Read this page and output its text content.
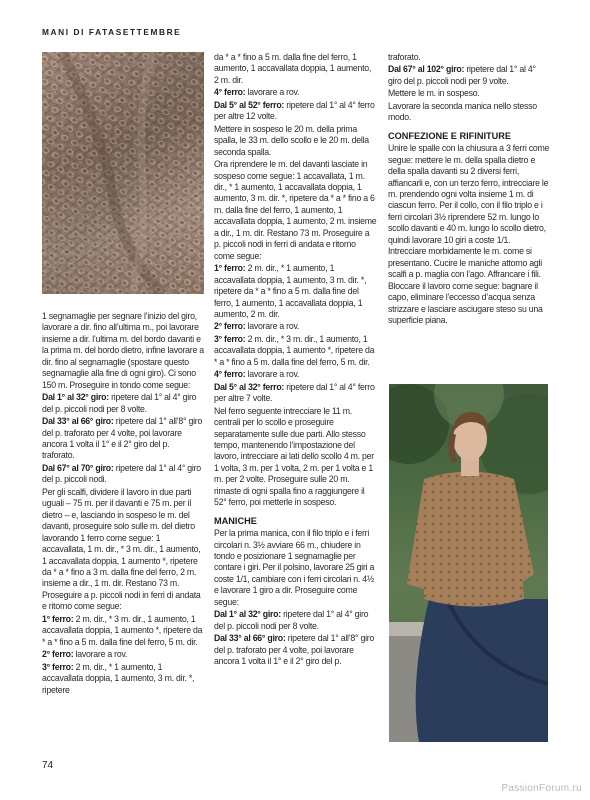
MANI DI FATASETTEMBRE

1 segnamaglie per segnare l’inizio del giro, lavorare a dir. fino all’ultima m., poi lavorare insieme a dir. l’ultima m. del bordo davanti e la prima m. del bordo dietro, infine lavorare a dir. fino al segnamaglie (spostare questo segnamaglie alla fine di ogni giro). Ci sono 150 m. Proseguire in tondo come segue:

Dal 1° al 32° giro: ripetere dal 1° al 4° giro del p. piccoli nodi per 8 volte.

Dal 33° al 66° giro: ripetere dal 1° all’8° giro del p. traforato per 4 volte, poi lavorare ancora 1 volta il 1° e il 2° giro del p. traforato.

Dal 67° al 70° giro: ripetere dal 1° al 4° giro del p. piccoli nodi.

Per gli scalfi, dividere il lavoro in due parti uguali – 75 m. per il davanti e 75 m. per il dietro – e, lasciando in sospeso le m. del davanti, proseguire solo sulle m. del dietro lavorando 1 ferro come segue: 1 accavallata, 1 m. dir., * 3 m. dir., 1 aumento, 1 accavallata doppia, 1 aumento *, ripetere da * a * fino a 3 m. dalla fine del ferro, 2 m. insieme a dir., 1 m. dir. Restano 73 m. Proseguire a p. piccoli nodi in ferri di andata e ritorno come segue:

1° ferro: 2 m. dir., * 3 m. dir., 1 aumento, 1 accavallata doppia, 1 aumento *, ripetere da * a * fino a 5 m. dalla fine del ferro, 5 m. dir.

2° ferro: lavorare a rov.

3° ferro: 2 m. dir., * 1 aumento, 1 accavallata doppia, 1 aumento, 3 m. dir. *, ripetere

da * a * fino a 5 m. dalla fine del ferro, 1 aumento, 1 accavallata doppia, 1 aumento, 2 m. dir.

4° ferro: lavorare a rov.

Dal 5° al 52° ferro: ripetere dal 1° al 4° ferro per altre 12 volte.

Mettere in sospeso le 20 m. della prima spalla, le 33 m. dello scollo e le 20 m. della seconda spalla.

Ora riprendere le m. del davanti lasciate in sospeso come segue: 1 accavallata, 1 m. dir., * 1 aumento, 1 accavallata doppia, 1 aumento, 3 m. dir. *, ripetere da * a * fino a 6 m. dalla fine del ferro, 1 aumento, 1 accavallata doppia, 1 aumento, 2 m. insieme a dir., 1 m. dir. Restano 73 m. Proseguire a p. piccoli nodi in ferri di andata e ritorno come segue:

1° ferro: 2 m. dir., * 1 aumento, 1 accavallata doppia, 1 aumento, 3 m. dir. *, ripetere da * a * fino a 5 m. dalla fine del ferro, 1 aumento, 1 accavallata doppia, 1 aumento, 2 m. dir.

2° ferro: lavorare a rov.

3° ferro: 2 m. dir., * 3 m. dir., 1 aumento, 1 accavallata doppia, 1 aumento *, ripetere da * a * fino a 5 m. dalla fine del ferro, 5 m. dir.

4° ferro: lavorare a rov.

Dal 5° al 32° ferro: ripetere dal 1° al 4° ferro per altre 7 volte.

Nel ferro seguente intrecciare le 11 m. centrali per lo scollo e proseguire separatamente sulle due parti. Allo stesso tempo, mantenendo l’impostazione del lavoro, intrecciare ai lati dello scollo 4 m. per 1 volta, 3 m. per 1 volta, 2 m. per 1 volta e 1 m. per 2 volte. Proseguire sulle 20 m. rimaste di ogni spalla fino a raggiungere il 52° ferro, poi metterle in sospeso.

MANICHE

Per la prima manica, con il filo triplo e i ferri circolari n. 3½ avviare 66 m., chiudere in tondo e posizionare 1 segnamaglie per contare i giri. Per il polsino, lavorare 25 giri a coste 1/1, cambiare con i ferri circolari n. 4½ e lavorare 1 giro a dir. Proseguire come segue:

Dal 1° al 32° giro: ripetere dal 1° al 4° giro del p. piccoli nodi per 8 volte.

Dal 33° al 66° giro: ripetere dal 1° all’8° giro del p. traforato per 4 volte, poi lavorare ancora 1 volta il 1° e il 2° giro del p.

traforato.

Dal 67° al 102° giro: ripetere dal 1° al 4° giro del p. piccoli nodi per 9 volte.

Mettere le m. in sospeso.

Lavorare la seconda manica nello stesso modo.

CONFEZIONE E RIFINITURE

Unire le spalle con la chiusura a 3 ferri come segue: mettere le m. della spalla dietro e della spalla davanti su 2 diversi ferri, affiancarli e, con un terzo ferro, intrecciare le m. prendendo ogni volta insieme 1 m. di ciascun ferro. Per il collo, con il filo triplo e i ferri circolari 3½ riprendere 52 m. lungo lo scollo davanti e 40 m. lungo lo scollo dietro, quindi lavorare 10 giri a coste 1/1. Intrecciare morbidamente le m. come si presentano. Cucire le maniche attorno agli scalfi a p. maglia con l’ago. Affrancare i fili. Bloccare il lavoro come segue: bagnare il capo, eliminare l’eccesso d’acqua senza strizzare e lasciare asciugare steso su una superficie piana.

74
PassionForum.ru
